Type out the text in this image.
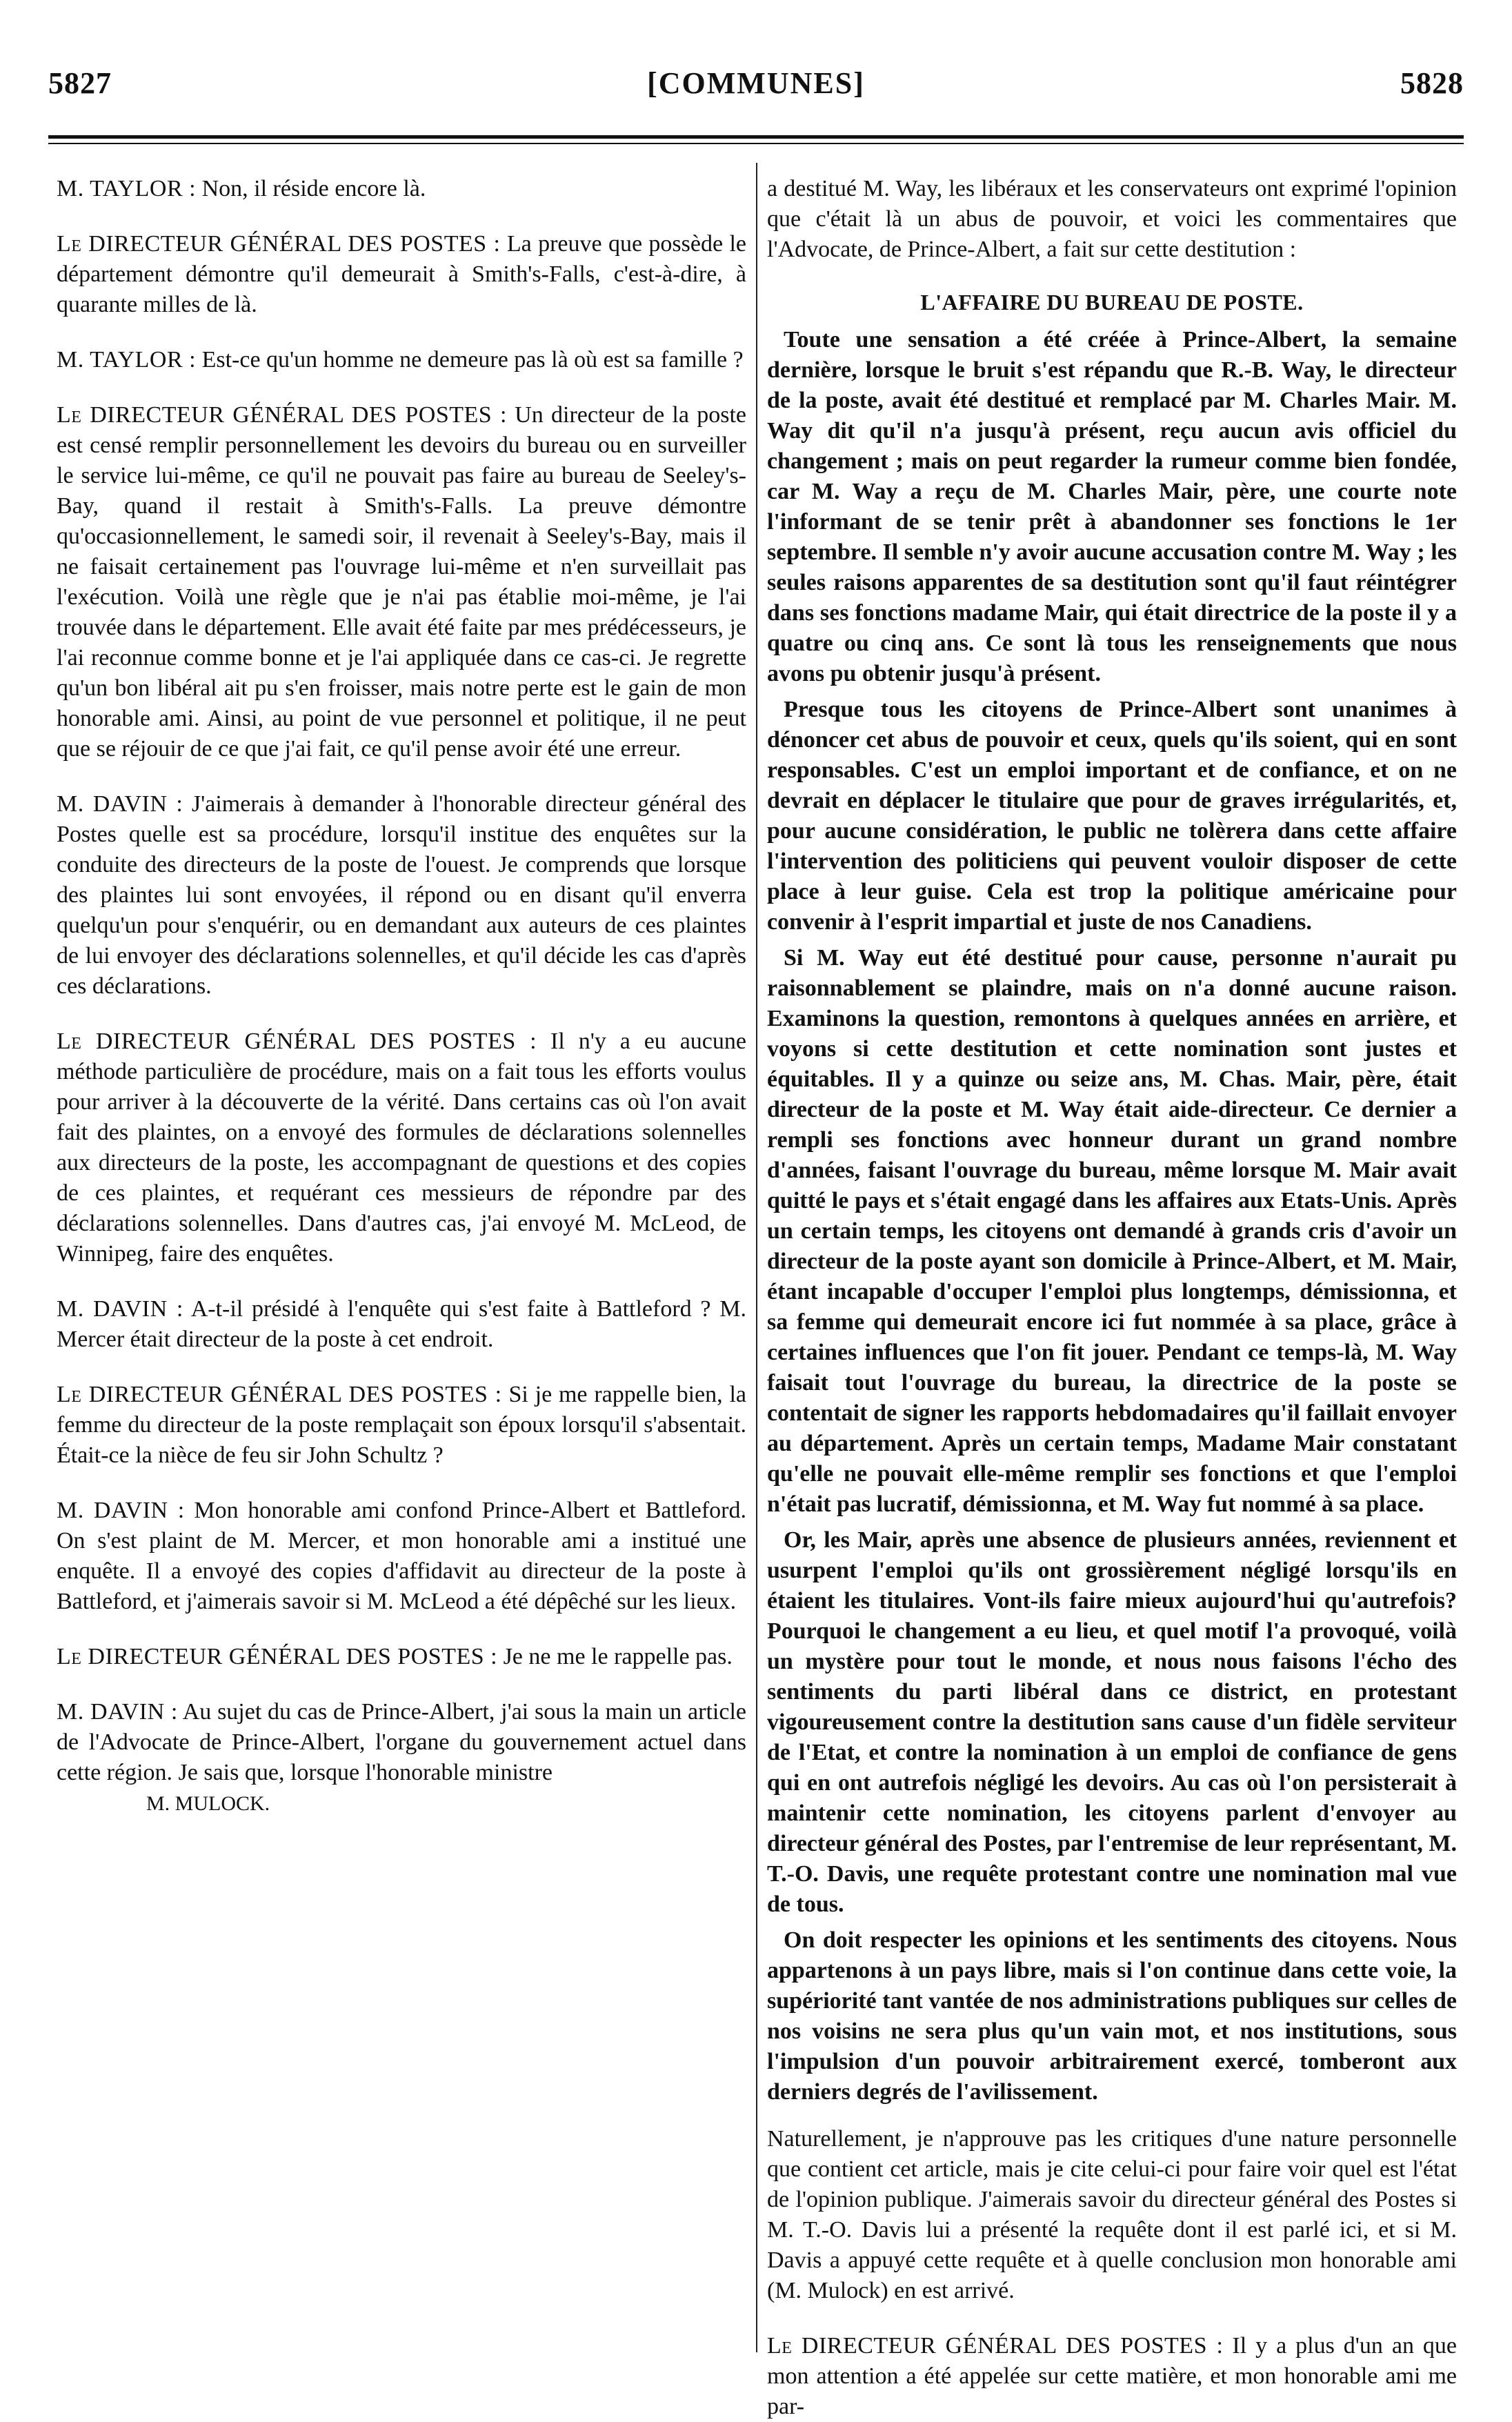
5827	[COMMUNES]	5828

M. TAYLOR : Non, il réside encore là.

Le DIRECTEUR GÉNÉRAL DES POSTES : La preuve que possède le département démontre qu'il demeurait à Smith's-Falls, c'est-à-dire, à quarante milles de là.

M. TAYLOR : Est-ce qu'un homme ne demeure pas là où est sa famille ?

Le DIRECTEUR GÉNÉRAL DES POSTES : Un directeur de la poste est censé remplir personnellement les devoirs du bureau ou en surveiller le service lui-même, ce qu'il ne pouvait pas faire au bureau de Seeley's-Bay, quand il restait à Smith's-Falls. La preuve démontre qu'occasionnellement, le samedi soir, il revenait à Seeley's-Bay, mais il ne faisait certainement pas l'ouvrage lui-même et n'en surveillait pas l'exécution. Voilà une règle que je n'ai pas établie moi-même, je l'ai trouvée dans le département. Elle avait été faite par mes prédécesseurs, je l'ai reconnue comme bonne et je l'ai appliquée dans ce cas-ci. Je regrette qu'un bon libéral ait pu s'en froisser, mais notre perte est le gain de mon honorable ami. Ainsi, au point de vue personnel et politique, il ne peut que se réjouir de ce que j'ai fait, ce qu'il pense avoir été une erreur.

M. DAVIN : J'aimerais à demander à l'honorable directeur général des Postes quelle est sa procédure, lorsqu'il institue des enquêtes sur la conduite des directeurs de la poste de l'ouest. Je comprends que lorsque des plaintes lui sont envoyées, il répond ou en disant qu'il enverra quelqu'un pour s'enquérir, ou en demandant aux auteurs de ces plaintes de lui envoyer des déclarations solennelles, et qu'il décide les cas d'après ces déclarations.

Le DIRECTEUR GÉNÉRAL DES POSTES : Il n'y a eu aucune méthode particulière de procédure, mais on a fait tous les efforts voulus pour arriver à la découverte de la vérité. Dans certains cas où l'on avait fait des plaintes, on a envoyé des formules de déclarations solennelles aux directeurs de la poste, les accompagnant de questions et des copies de ces plaintes, et requérant ces messieurs de répondre par des déclarations solennelles. Dans d'autres cas, j'ai envoyé M. McLeod, de Winnipeg, faire des enquêtes.

M. DAVIN : A-t-il présidé à l'enquête qui s'est faite à Battleford ? M. Mercer était directeur de la poste à cet endroit.

Le DIRECTEUR GÉNÉRAL DES POSTES : Si je me rappelle bien, la femme du directeur de la poste remplaçait son époux lorsqu'il s'absentait. Était-ce la nièce de feu sir John Schultz ?

M. DAVIN : Mon honorable ami confond Prince-Albert et Battleford. On s'est plaint de M. Mercer, et mon honorable ami a institué une enquête. Il a envoyé des copies d'affidavit au directeur de la poste à Battleford, et j'aimerais savoir si M. McLeod a été dépêché sur les lieux.

Le DIRECTEUR GÉNÉRAL DES POSTES : Je ne me le rappelle pas.

M. DAVIN : Au sujet du cas de Prince-Albert, j'ai sous la main un article de l'Advocate de Prince-Albert, l'organe du gouvernement actuel dans cette région. Je sais que, lorsque l'honorable ministre

M. MULOCK.

a destitué M. Way, les libéraux et les conservateurs ont exprimé l'opinion que c'était là un abus de pouvoir, et voici les commentaires que l'Advocate, de Prince-Albert, a fait sur cette destitution :

L'AFFAIRE DU BUREAU DE POSTE.

Toute une sensation a été créée à Prince-Albert, la semaine dernière, lorsque le bruit s'est répandu que R.-B. Way, le directeur de la poste, avait été destitué et remplacé par M. Charles Mair. M. Way dit qu'il n'a jusqu'à présent, reçu aucun avis officiel du changement ; mais on peut regarder la rumeur comme bien fondée, car M. Way a reçu de M. Charles Mair, père, une courte note l'informant de se tenir prêt à abandonner ses fonctions le 1er septembre. Il semble n'y avoir aucune accusation contre M. Way ; les seules raisons apparentes de sa destitution sont qu'il faut réintégrer dans ses fonctions madame Mair, qui était directrice de la poste il y a quatre ou cinq ans. Ce sont là tous les renseignements que nous avons pu obtenir jusqu'à présent.

Presque tous les citoyens de Prince-Albert sont unanimes à dénoncer cet abus de pouvoir et ceux, quels qu'ils soient, qui en sont responsables. C'est un emploi important et de confiance, et on ne devrait en déplacer le titulaire que pour de graves irrégularités, et, pour aucune considération, le public ne tolèrera dans cette affaire l'intervention des politiciens qui peuvent vouloir disposer de cette place à leur guise. Cela est trop la politique américaine pour convenir à l'esprit impartial et juste de nos Canadiens.

Si M. Way eut été destitué pour cause, personne n'aurait pu raisonnablement se plaindre, mais on n'a donné aucune raison. Examinons la question, remontons à quelques années en arrière, et voyons si cette destitution et cette nomination sont justes et équitables. Il y a quinze ou seize ans, M. Chas. Mair, père, était directeur de la poste et M. Way était aide-directeur. Ce dernier a rempli ses fonctions avec honneur durant un grand nombre d'années, faisant l'ouvrage du bureau, même lorsque M. Mair avait quitté le pays et s'était engagé dans les affaires aux Etats-Unis. Après un certain temps, les citoyens ont demandé à grands cris d'avoir un directeur de la poste ayant son domicile à Prince-Albert, et M. Mair, étant incapable d'occuper l'emploi plus longtemps, démissionna, et sa femme qui demeurait encore ici fut nommée à sa place, grâce à certaines influences que l'on fit jouer. Pendant ce temps-là, M. Way faisait tout l'ouvrage du bureau, la directrice de la poste se contentait de signer les rapports hebdomadaires qu'il faillait envoyer au département. Après un certain temps, Madame Mair constatant qu'elle ne pouvait elle-même remplir ses fonctions et que l'emploi n'était pas lucratif, démissionna, et M. Way fut nommé à sa place.

Or, les Mair, après une absence de plusieurs années, reviennent et usurpent l'emploi qu'ils ont grossièrement négligé lorsqu'ils en étaient les titulaires. Vont-ils faire mieux aujourd'hui qu'autrefois? Pourquoi le changement a eu lieu, et quel motif l'a provoqué, voilà un mystère pour tout le monde, et nous nous faisons l'écho des sentiments du parti libéral dans ce district, en protestant vigoureusement contre la destitution sans cause d'un fidèle serviteur de l'Etat, et contre la nomination à un emploi de confiance de gens qui en ont autrefois négligé les devoirs. Au cas où l'on persisterait à maintenir cette nomination, les citoyens parlent d'envoyer au directeur général des Postes, par l'entremise de leur représentant, M. T.-O. Davis, une requête protestant contre une nomination mal vue de tous.

On doit respecter les opinions et les sentiments des citoyens. Nous appartenons à un pays libre, mais si l'on continue dans cette voie, la supériorité tant vantée de nos administrations publiques sur celles de nos voisins ne sera plus qu'un vain mot, et nos institutions, sous l'impulsion d'un pouvoir arbitrairement exercé, tomberont aux derniers degrés de l'avilissement.

Naturellement, je n'approuve pas les critiques d'une nature personnelle que contient cet article, mais je cite celui-ci pour faire voir quel est l'état de l'opinion publique. J'aimerais savoir du directeur général des Postes si M. T.-O. Davis lui a présenté la requête dont il est parlé ici, et si M. Davis a appuyé cette requête et à quelle conclusion mon honorable ami (M. Mulock) en est arrivé.

Le DIRECTEUR GÉNÉRAL DES POSTES : Il y a plus d'un an que mon attention a été appelée sur cette matière, et mon honorable ami me par-
